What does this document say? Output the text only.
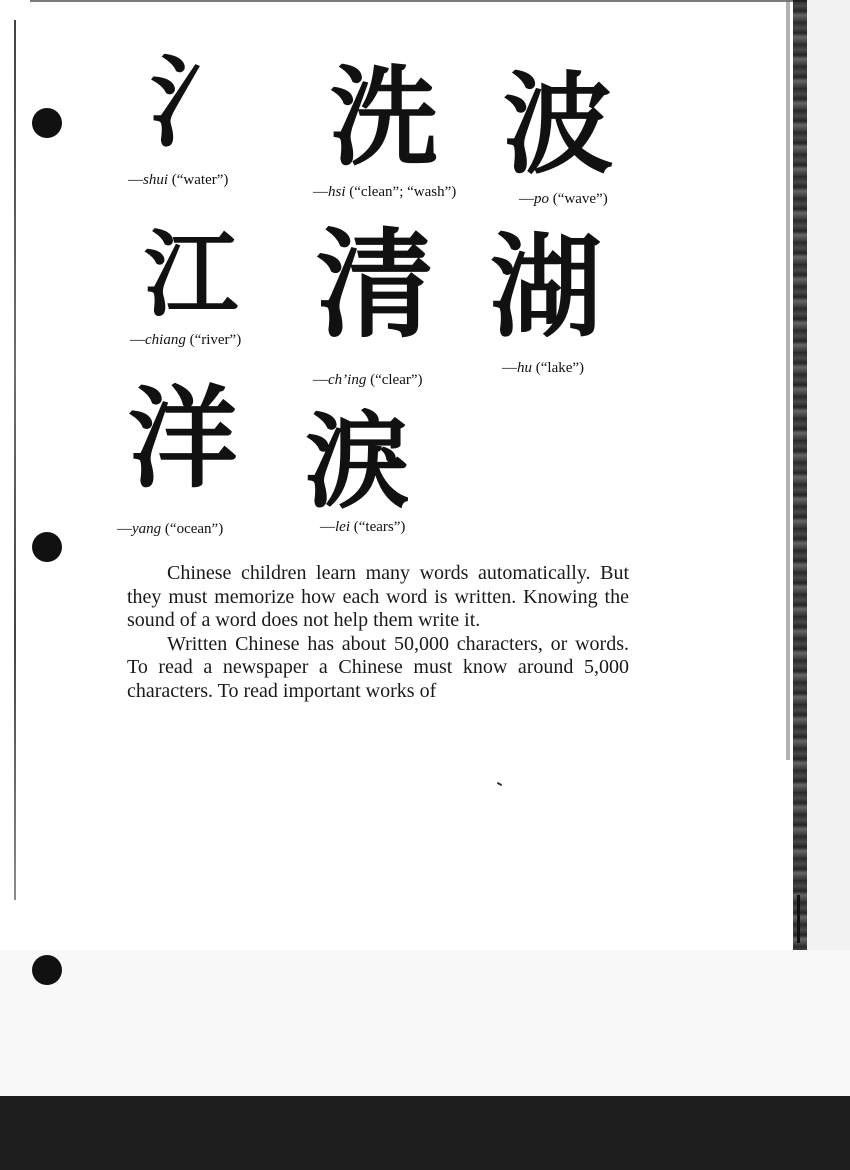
氵
—shui (“water”) 洗
—hsi (“clean”; “wash”)
波
—po (“wave”)
江
—chiang (“river”) 清
—ch’ing (“clear”)
湖
—hu (“lake”)
洋
—yang (“ocean”)
淚
—lei (“tears”)

Chinese children learn many words automatically. But they must memorize how each word is written. Knowing the sound of a word does not help them write it.

Written Chinese has about 50,000 characters, or words. To read a newspaper a Chinese must know around 5,000 characters. To read important works of
